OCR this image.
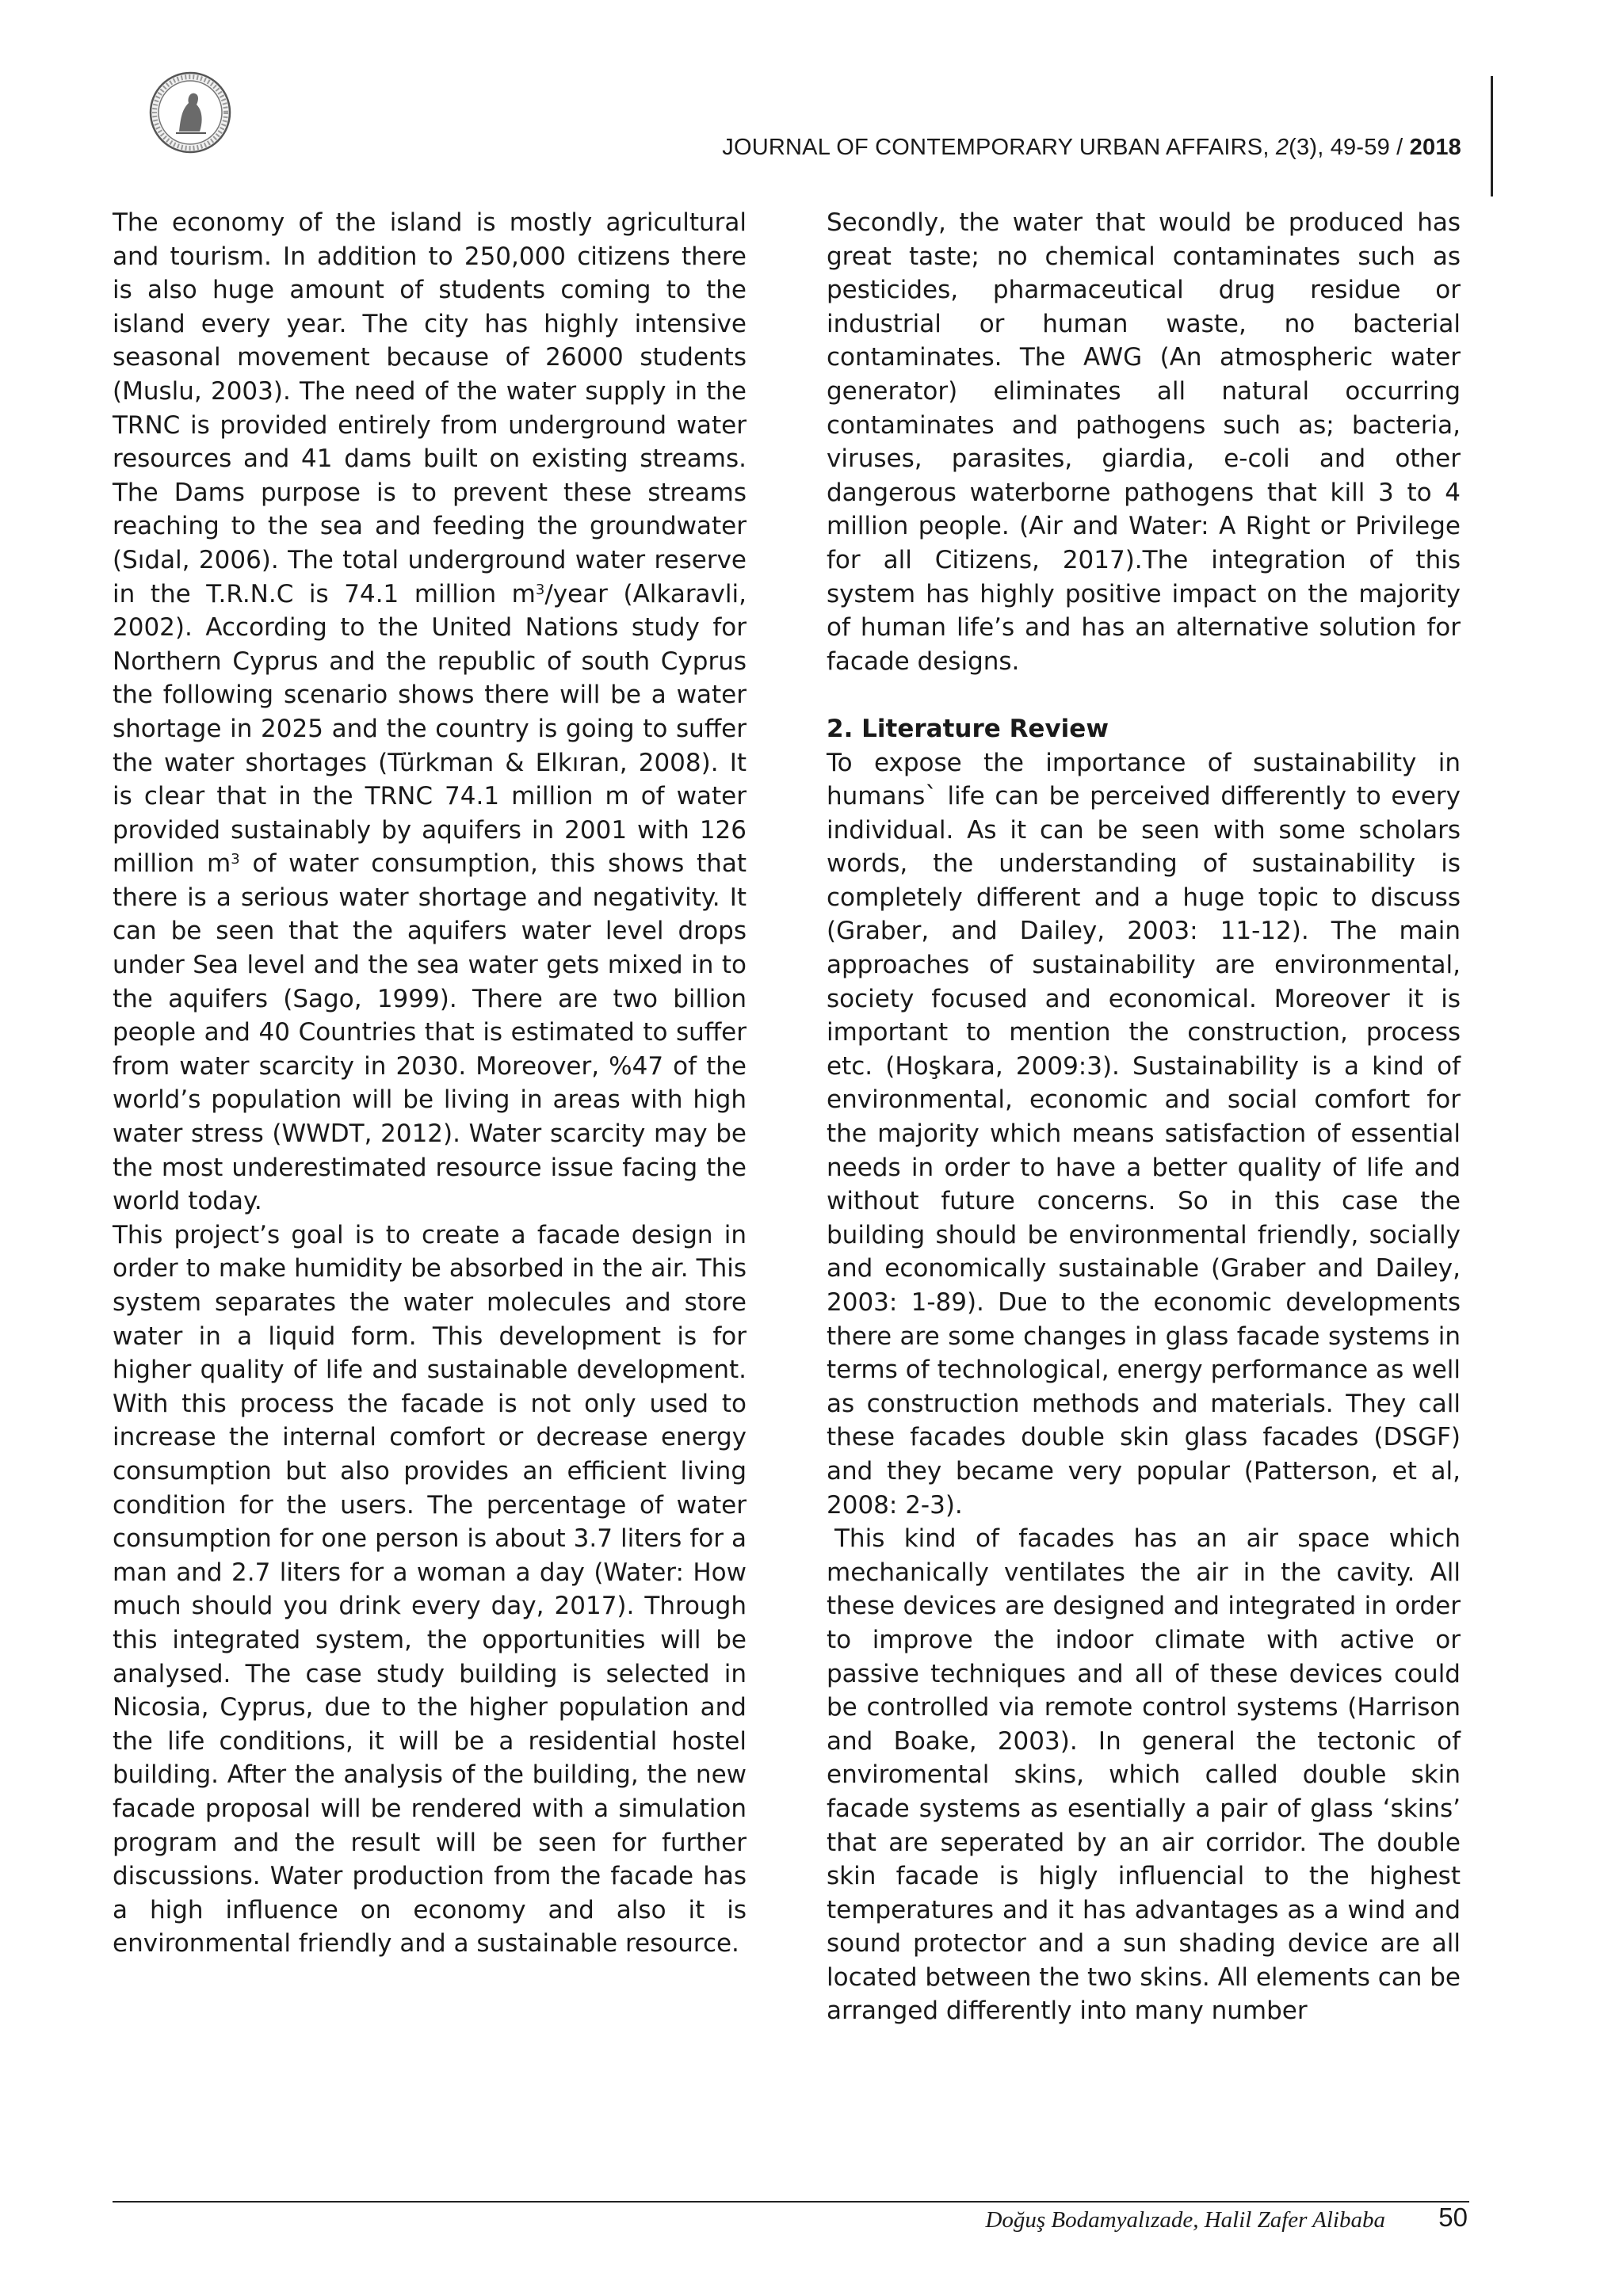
JOURNAL OF CONTEMPORARY URBAN AFFAIRS, 2(3), 49-59 / 2018

The economy of the island is mostly agricultural and tourism. In addition to 250,000 citizens there is also huge amount of students coming to the island every year. The city has highly intensive seasonal movement because of 26000 students (Muslu, 2003). The need of the water supply in the TRNC is provided entirely from underground water resources and 41 dams built on existing streams. The Dams purpose is to prevent these streams reaching to the sea and feeding the groundwater (Sıdal, 2006). The total underground water reserve in the T.R.N.C is 74.1 million $m^3$/year (Alkaravli, 2002). According to the United Nations study for Northern Cyprus and the republic of south Cyprus the following scenario shows there will be a water shortage in 2025 and the country is going to suffer the water shortages (Türkman & Elkıran, 2008). It is clear that in the TRNC 74.1 million m of water provided sustainably by aquifers in 2001 with 126 million $m^3$ of water consumption, this shows that there is a serious water shortage and negativity. It can be seen that the aquifers water level drops under Sea level and the sea water gets mixed in to the aquifers (Sago, 1999). There are two billion people and 40 Countries that is estimated to suffer from water scarcity in 2030. Moreover, %47 of the world’s population will be living in areas with high water stress (WWDT, 2012). Water scarcity may be the most underestimated resource issue facing the world today.

This project’s goal is to create a facade design in order to make humidity be absorbed in the air. This system separates the water molecules and store water in a liquid form. This development is for higher quality of life and sustainable development. With this process the facade is not only used to increase the internal comfort or decrease energy consumption but also provides an efficient living condition for the users. The percentage of water consumption for one person is about 3.7 liters for a man and 2.7 liters for a woman a day (Water: How much should you drink every day, 2017). Through this integrated system, the opportunities will be analysed. The case study building is selected in Nicosia, Cyprus, due to the higher population and the life conditions, it will be a residential hostel building. After the analysis of the building, the new facade proposal will be rendered with a simulation program and the result will be seen for further discussions. Water production from the facade has a high influence on economy and also it is environmental friendly and a sustainable resource.

Secondly, the water that would be produced has great taste; no chemical contaminates such as pesticides, pharmaceutical drug residue or industrial or human waste, no bacterial contaminates. The AWG (An atmospheric water generator) eliminates all natural occurring contaminates and pathogens such as; bacteria, viruses, parasites, giardia, e-coli and other dangerous waterborne pathogens that kill 3 to 4 million people. (Air and Water: A Right or Privilege for all Citizens, 2017).The integration of this system has highly positive impact on the majority of human life’s and has an alternative solution for facade designs.

2. Literature Review

To expose the importance of sustainability in humans` life can be perceived differently to every individual. As it can be seen with some scholars words, the understanding of sustainability is completely different and a huge topic to discuss (Graber, and Dailey, 2003: 11-12). The main approaches of sustainability are environmental, society focused and economical. Moreover it is important to mention the construction, process etc. (Hoşkara, 2009:3). Sustainability is a kind of environmental, economic and social comfort for the majority which means satisfaction of essential needs in order to have a better quality of life and without future concerns. So in this case the building should be environmental friendly, socially and economically sustainable (Graber and Dailey, 2003: 1-89). Due to the economic developments there are some changes in glass facade systems in terms of technological, energy performance as well as construction methods and materials. They call these facades double skin glass facades (DSGF) and they became very popular (Patterson, et al, 2008: 2-3).

This kind of facades has an air space which mechanically ventilates the air in the cavity. All these devices are designed and integrated in order to improve the indoor climate with active or passive techniques and all of these devices could be controlled via remote control systems (Harrison and Boake, 2003). In general the tectonic of enviromental skins, which called double skin facade systems as esentially a pair of glass ‘skins’ that are seperated by an air corridor. The double skin facade is higly influencial to the highest temperatures and it has advantages as a wind and sound protector and a sun shading device are all located between the two skins. All elements can be arranged differently into many number

Doğuş Bodamyalızade, Halil Zafer Alibaba 50
